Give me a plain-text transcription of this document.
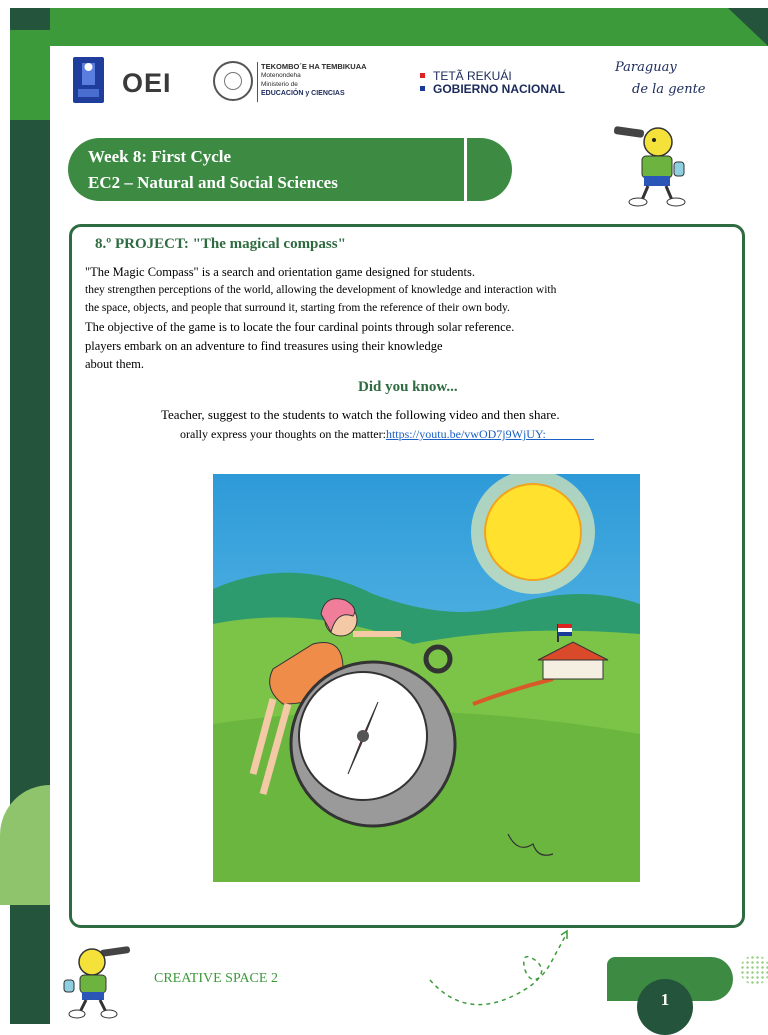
OEI
TEKOMBO´E HA TEMBIKUAA
Motenondeha
Ministerio de
EDUCACIÓN y CIENCIAS
TETÃ REKUÁI
GOBIERNO NACIONAL
Paraguay
de la gente
Week 8: First Cycle
EC2 – Natural and Social Sciences
8.º PROJECT: "The magical compass"
"The Magic Compass" is a search and orientation game designed for students.
they strengthen perceptions of the world, allowing the development of knowledge and interaction with
the space, objects, and people that surround it, starting from the reference of their own body.
The objective of the game is to locate the four cardinal points through solar reference.
players embark on an adventure to find treasures using their knowledge
about them.
Did you know...
Teacher, suggest to the students to watch the following video and then share.
orally express your thoughts on the matter:https://youtu.be/vwOD7j9WjUY:__ ___ __
CREATIVE SPACE 2
1
